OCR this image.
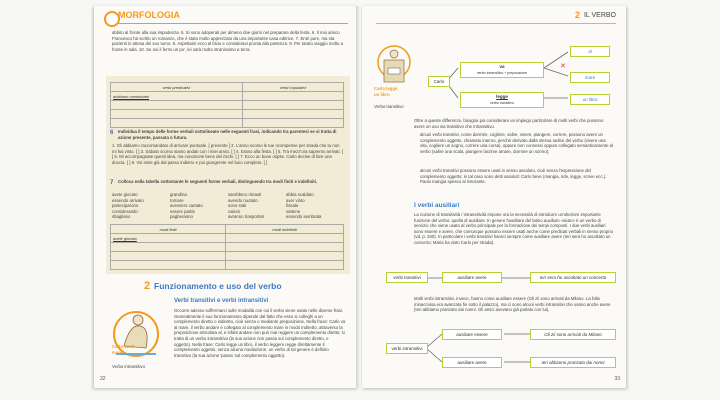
MORFOLOGIA
abbito al fronte alla sua impudenza. 5. Si sono adoperati per almeno due giorni nel preparare della festa. 6. Il mio amico Francesco ha scritto un romanzo, che è stato molto apprezzato da una importante casa editrice. 7. Entri pure, ma sta pazienti in attesa del suo turno. 8. Aspettami ecco al bivio e consideravi pronta alla partenza. 9. Per tarato viaggio molto a fronte in sala. 10. Se noi il fermi un po', lei sarà molto stranissimo a terra.
verbi predicativi	verbi copulativi
abbiamo camminato	

6 Individua il tempo delle forme verbali sottolineate nelle seguenti frasi, indicando tra parentesi se si tratta di azione presente, passata o futura.
1. Gli abbiamo raccomandato di arrivare puntuale. [ presente ] 2. L'anno scorso le tue ricompense per strada che tu non mi hai visto. [ ] 3. Sabato scorso siamo andati con i miei amici. [ ] 4. Erano alla festa. [ ] 5. Tra mezz'ora sapremo arrivati. [ ] 6. Mi accompagnate questi idea, ma conoscete bene del rischi. [ ] 7. Ecco un buon ospite. Carlo decise di fare una doccia. [ ] 8. Voi siete già dal passo indietro e poi giungerete nel buio completo. [ ]
7 Colloca nella tabella sottostante le seguenti forme verbali, distinguendo tra modi finiti e indefiniti.
avete giocato	grandina	sarebbero rimasti	abbia scaldato
essendo arrivato	tornare	avendo nuotato	aver vinto
parteciparono	avessero cantato	sono stati	fissate
considerando	essere partiti	calerà	vattene
sbagliano	pagheranno	avranno trasportati	essendo sembrata
modi finiti	modi indefiniti
avete giocato	

2 Funzionamento e uso del verbo
Verbi transitivi e verbi intransitivi
Occorre adesso soffermarci sulle modalità con cui il verbo viene usato nelle diverse frasi. Generalmente il suo funzionamento dipende dal fatto che esso si colleghi a un complemento diretto o indiretto, cioè senza o mediante preposizione. Nella frase: Carlo va al mare, il verbo andare è collegato al complemento mare in modo indiretto, attraverso la preposizione articolata al, e infatti andare non può mai reggere un complemento diretto: si tratta di un verbo intransitivo (la sua azione non passa sul complemento diretto, e oggetto). Nella frase: Carlo legge un libro, il verbo leggere regge direttamente il complemento oggetto, senza alcuna mediazione: un verbo di tal genere è definito transitivo (la sua azione 'passa' sul complemento oggetto).
Carlo va al mare
Verbo intransitivo
32
2 IL VERBO
Carlo
va
verbo intransitivo + preposizione
legge
verbo transitivo
al
mare
un libro
✕
Carlo legge un libro
Verbo transitivo
Oltre a queste differenze, bisogna poi considerare un impiego particolare di molti verbi che possono avere un uso sia transitivo che intransitivo.
alcuni verbi transitivi, come dormire, cogliere, salire, vivere, piangere, correre, possono avere un complemento oggetto, chiamato interno, perché derivato dalla stessa radice del verbo (vivere una vita, cogliere un sogno, correre una corsa), oppure non connessi oppure collegato semanticamente al verbo (salire una scala, piangere lacrime amare, dormire un sonno);
alcuni verbi transitivi possono essere usati in senso assoluto, cioè senza l'espressione del complemento oggetto; in tal caso sono detti assoluti: Carlo beve (mangia, ride, legge, scrive ecc.). Paolo mangia spesso al ristorante.
I verbi ausiliari
La nozione di transitività / intransitività impone ora la necessità di introdurre un'ulteriore importante funzione del verbo: quella di ausiliare. In genere l'ausiliare del latino auxilium «aiuto» è un verbo di servizio che viene usato al verbo principale per la formazione dei tempi composti. I due verbi ausiliari sono essere e avere, che comunque possono essere usati anche come predicati verbali in senso proprio (vd. p. 340). In particolare i verbi transitivi hanno sempre come ausiliare avere (Ieri sera ho ascoltato un concerto; Maria ha visto Carlo per strada).
verbi transitivi	ausiliare avere	Ieri sera ho ascoltato un concerto
Molti verbi intransitivi, invece, hanno come ausiliare essere (Gli zii sono arrivati da Milano. La folla minacciosa era avanzata fin sotto il palazzo), ma ci sono alcuni verbi intransitivi che usano anche avere (Ieri abbiamo pranzato dai nonni. Gli amici avevano già parlato con lui).
verbi intransitivi
ausiliare essere
ausiliare avere
Gli zii sono arrivati da Milano
Ieri abbiamo pranzato dai nonni
33
